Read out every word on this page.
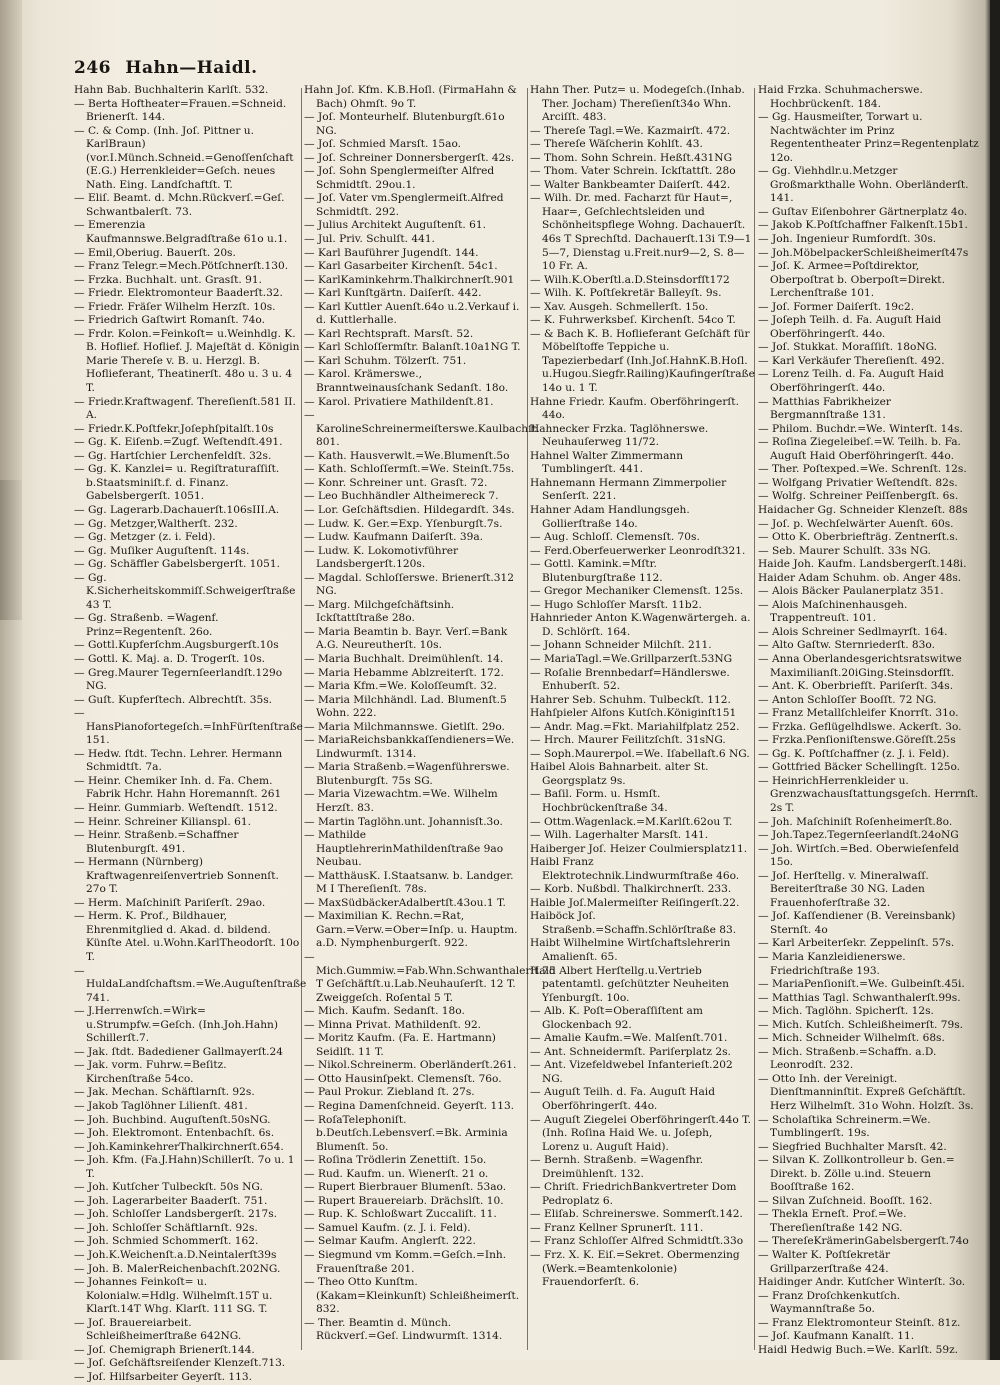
246 Hahn—Haidl.

Hahn Bab. Buchhalterin Karlſt. 532.

— Berta Hoftheater=Frauen.=Schneid. Brienerſt. 144.

— C. & Comp. (Inh. Joſ. Pittner u. KarlBraun) (vor.I.Münch.Schneid.=Genoſſenſchaft (E.G.) Herrenkleider=Geſch. neues Nath. Eing. Landſchaftſt. T.

— Eliſ. Beamt. d. Mchn.Rückverſ.=Geſ. Schwantbalerſt. 73.

— Emerenzia Kaufmannswe.Belgradſtraße 61o u.1.

— Emil,Oberiug. Bauerſt. 20s.

— Franz Telegr.=Mech.Pötſchnerſt.130.

— Frzka. Buchhalt. unt. Grasſt. 91.

— Friedr. Elektromonteur Baaderſt.32.

— Friedr. Fräſer Wilhelm Herzſt. 10s.

— Friedrich Gaſtwirt Romanſt. 74o.

— Frdr. Kolon.=Feinkoſt= u.Weinhdlg. K. B. Hoflief. Hoflief. J. Majeſtät d. Königin Marie Thereſe v. B. u. Herzgl. B. Hoflieferant, Theatinerſt. 48o u. 3 u. 4 T.

— Friedr.Kraftwagenf. Thereſienſt.581 II. A.

— Friedr.K.Poſtfekr.Joſephſpitalſt.10s

— Gg. K. Eiſenb.=Zugf. Weſtendſt.491.

— Gg. Hartſchier Lerchenfeldſt. 32s.

— Gg. K. Kanzlei= u. Regiſtraturaſſiſt. b.Staatsminiſt.f. d. Finanz. Gabelsbergerſt. 1051.

— Gg. Lagerarb.Dachauerſt.106sIII.A.

— Gg. Metzger,Waltherſt. 232.

— Gg. Metzger (z. i. Feld).

— Gg. Muſiker Auguſtenſt. 114s.

— Gg. Schäffler Gabelsbergerſt. 1051.

— Gg. K.Sicherheitskommiſſ.Schweigerſtraße 43 T.

— Gg. Straßenb. =Wagenf. Prinz=Regentenſt. 26o.

— Gottl.Kupferſchm.Augsburgerſt.10s

— Gottl. K. Maj. a. D. Trogerſt. 10s.

— Greg.Maurer Tegernſeerlandſt.129o NG.

— Guſt. Kupferſtech. Albrechtſt. 35s.

— HansPianofortegeſch.=InhFürſtenſtraße 151.

— Hedw. ſtdt. Techn. Lehrer. Hermann Schmidtſt. 7a.

— Heinr. Chemiker Inh. d. Fa. Chem. Fabrik Hchr. Hahn Horemannſt. 261

— Heinr. Gummiarb. Weſtendſt. 1512.

— Heinr. Schreiner Kilianspl. 61.

— Heinr. Straßenb.=Schaffner Blutenburgſt. 491.

— Hermann (Nürnberg) Kraftwagenreiſenvertrieb Sonnenſt. 27o T.

— Herm. Maſchiniſt Pariſerſt. 29ao.

— Herm. K. Prof., Bildhauer, Ehrenmitglied d. Akad. d. bildend. Künſte Atel. u.Wohn.KarlTheodorſt. 10o T.

— HuldaLandſchaftsm.=We.Auguſtenſtraße 741.

— J.Herrenwſch.=Wirk= u.Strumpfw.=Geſch. (Inh.Joh.Hahn) Schillerſt.7.

— Jak. ſtdt. Badediener Gallmayerſt.24

— Jak. vorm. Fuhrw.=Beſitz. Kirchenſtraße 54co.

— Jak. Mechan. Schäftlarnſt. 92s.

— Jakob Taglöhner Lilienſt. 481.

— Joh. Buchbind. Auguſtenſt.50sNG.

— Joh. Elektromont. Entenbachſt. 6s.

— Joh.KaminkehrerThalkirchnerſt.654.

— Joh. Kfm. (Fa.J.Hahn)Schillerſt. 7o u. 1 T.

— Joh. Kutſcher Tulbeckſt. 50s NG.

— Joh. Lagerarbeiter Baaderſt. 751.

— Joh. Schloſſer Landsbergerſt. 217s.

— Joh. Schloſſer Schäftlarnſt. 92s.

— Joh. Schmied Schommerſt. 162.

— Joh.K.Weichenſt.a.D.Neintalerſt39s

— Joh. B. MalerReichenbachſt.202NG.

— Johannes Feinkoſt= u. Kolonialw.=Hdlg. Wilhelmſt.15T u. Klarſt.14T Whg. Klarſt. 111 SG. T.

— Joſ. Brauereiarbeit. Schleißheimerſtraße 642NG.

— Joſ. Chemigraph Brienerſt.144.

— Joſ. Geſchäftsreiſender Klenzeſt.713.

— Joſ. Hilfsarbeiter Geyerſt. 113.

Hahn Joſ. Kfm. K.B.Hoſl. (FirmaHahn & Bach) Ohmſt. 9o T.

— Joſ. Monteurhelf. Blutenburgſt.61o NG.

— Joſ. Schmied Marsſt. 15ao.

— Joſ. Schreiner Donnersbergerſt. 42s.

— Joſ. Sohn Spenglermeiſter Alfred Schmidtſt. 29ou.1.

— Joſ. Vater vm.Spenglermeiſt.Alfred Schmidtſt. 292.

— Julius Architekt Auguſtenſt. 61.

— Jul. Priv. Schulſt. 441.

— Karl Bauführer Jugendſt. 144.

— Karl Gasarbeiter Kirchenſt. 54c1.

— KarlKaminkehrm.Thalkirchnerſt.901

— Karl Kunſtgärtn. Daiſerſt. 442.

— Karl Kuttler Auenſt.64o u.2.Verkauf i. d. Kuttlerhalle.

— Karl Rechtspraft. Marsſt. 52.

— Karl Schloſſermſtr. Balanſt.10a1NG T.

— Karl Schuhm. Tölzerſt. 751.

— Karol. Krämerswe., Branntweinausſchank Sedanſt. 18o.

— Karol. Privatiere Mathildenſt.81.

— KarolineSchreinermeiſterswe.Kaulbachſt. 801.

— Kath. Hausverwlt.=We.Blumenſt.5o

— Kath. Schloſſermſt.=We. Steinſt.75s.

— Konr. Schreiner unt. Grasſt. 72.

— Leo Buchhändler Altheimereck 7.

— Lor. Geſchäftsdien. Hildegardſt. 34s.

— Ludw. K. Ger.=Exp. Yſenburgſt.7s.

— Ludw. Kaufmann Daiſerſt. 39a.

— Ludw. K. Lokomotivführer Landsbergerſt.120s.

— Magdal. Schloſſerswe. Brienerſt.312 NG.

— Marg. Milchgeſchäftsinh. Ickſtattſtraße 28o.

— Maria Beamtin b. Bayr. Verſ.=Bank A.G. Neureutherſt. 10s.

— Maria Buchhalt. Dreimühlenſt. 14.

— Maria Hebamme Ablzreiterſt. 172.

— Maria Kfm.=We. Koloſſeumſt. 32.

— Maria Milchhändl. Lad. Blumenſt.5 Wohn. 222.

— Maria Milchmannswe. Gietlſt. 29o.

— MariaReichsbankkaſſendieners=We. Lindwurmſt. 1314.

— Maria Straßenb.=Wagenführerswe. Blutenburgſt. 75s SG.

— Maria Vizewachtm.=We. Wilhelm Herzſt. 83.

— Martin Taglöhn.unt. Johannisſt.3o.

— Mathilde HauptlehrerinMathildenſtraße 9ao Neubau.

— MatthäusK. I.Staatsanw. b. Landger. M I Thereſienſt. 78s.

— MaxSüdbäckerAdalbertſt.43ou.1 T.

— Maximilian K. Rechn.=Rat, Garn.=Verw.=Ober=Inſp. u. Hauptm. a.D. Nymphenburgerſt. 922.

— Mich.Gummiw.=Fab.Whn.Schwanthalerſt.75 T Geſchäftſt.u.Lab.Neuhauſerſt. 12 T. Zweiggeſch. Roſental 5 T.

— Mich. Kaufm. Sedanſt. 18o.

— Minna Privat. Mathildenſt. 92.

— Moritz Kaufm. (Fa. E. Hartmann) Seidlſt. 11 T.

— Nikol.Schreinerm. Oberländerſt.261.

— Otto Hausinſpekt. Clemensſt. 76o.

— Paul Prokur. Ziebland ſt. 27s.

— Regina Damenſchneid. Geyerſt. 113.

— RoſaTelephoniſt. b.Deutſch.Lebensverſ.=Bk. Arminia Blumenſt. 5o.

— Roſina Trödlerin Zenettiſt. 15o.

— Rud. Kaufm. un. Wienerſt. 21 o.

— Rupert Bierbrauer Blumenſt. 53ao.

— Rupert Brauereiarb. Drächslſt. 10.

— Rup. K. Schloßwart Zuccaliſt. 11.

— Samuel Kaufm. (z. J. i. Feld).

— Selmar Kaufm. Anglerſt. 222.

— Siegmund vm Komm.=Geſch.=Inh. Frauenſtraße 201.

— Theo Otto Kunſtm. (Kakam=Kleinkunſt) Schleißheimerſt. 832.

— Ther. Beamtin d. Münch. Rückverſ.=Geſ. Lindwurmſt. 1314.

Hahn Ther. Putz= u. Modegeſch.(Inhab. Ther. Jocham) Thereſienſt34o Whn. Arciſſt. 483.

— Thereſe Tagl.=We. Kazmairſt. 472.

— Thereſe Wäſcherin Kohlſt. 43.

— Thom. Sohn Schrein. Heßſt.431NG

— Thom. Vater Schrein. Ickſtattſt. 28o

— Walter Bankbeamter Daiſerſt. 442.

— Wilh. Dr. med. Facharzt für Haut=, Haar=, Geſchlechtsleiden und Schönheitspflege Wohng. Dachauerſt. 46s T Sprechſtd. Dachauerſt.13i T.9—1 5—7, Dienstag u.Freit.nur9—2, S. 8—10 Fr. A.

— Wilh.K.Oberſtl.a.D.Steinsdorfſt172

— Wilh. K. Poſtſekretär Balleyſt. 9s.

— Xav. Ausgeh. Schmellerſt. 15o.

— K. Fuhrwerksbeſ. Kirchenſt. 54co T.

— & Bach K. B. Hoflieferant Geſchäft für Möbelſtoffe Teppiche u. Tapezierbedarf (Inh.Joſ.HahnK.B.Hoſl. u.Hugou.Siegfr.Railing)Kaufingerſtraße 14o u. 1 T.

Hahne Friedr. Kaufm. Oberföhringerſt. 44o.

Hahnecker Frzka. Taglöhnerswe. Neuhauſerweg 11/72.

Hahnel Walter Zimmermann Tumblingerſt. 441.

Hahnemann Hermann Zimmerpolier Senſerſt. 221.

Hahner Adam Handlungsgeh. Gollierſtraße 14o.

— Aug. Schloſſ. Clemensſt. 70s.

— Ferd.Oberfeuerwerker Leonrodſt321.

— Gottl. Kamink.=Mſtr. Blutenburgſtraße 112.

— Gregor Mechaniker Clemensſt. 125s.

— Hugo Schloſſer Marsſt. 11b2.

Hahnrieder Anton K.Wagenwärtergeh. a. D. Schlörſt. 164.

— Johann Schneider Milchſt. 211.

— MariaTagl.=We.Grillparzerſt.53NG

— Roſalie Brennbedarf=Händlerswe. Enhuberſt. 52.

Hahrer Seb. Schuhm. Tulbeckſt. 112.

Hahſpieler Alfons Kutſch.Königinſt151

— Andr. Mag.=Fkt. Mariahilfplatz 252.

— Hrch. Maurer Feilitzſchſt. 31sNG.

— Soph.Maurerpol.=We. Iſabellaſt.6 NG.

Haibel Alois Bahnarbeit. alter St. Georgsplatz 9s.

— Baſil. Form. u. Hsmſt. Hochbrückenſtraße 34.

— Ottm.Wagenlack.=M.Karlſt.62ou T.

— Wilh. Lagerhalter Marsſt. 141.

Haiberger Joſ. Heizer Coulmiersplatz11.

Haibl Franz Elektrotechnik.Lindwurmſtraße 46o.

— Korb. Nußbdl. Thalkirchnerſt. 233.

Haible Joſ.Malermeiſter Reiſingerſt.22.

Haiböck Joſ. Straßenb.=Schaffn.Schlörſtraße 83.

Haibt Wilhelmine Wirtſchaftslehrerin Amalienſt. 65.

Haid Albert Herſtellg.u.Vertrieb patentamtl. geſchützter Neuheiten Yſenburgſt. 10o.

— Alb. K. Poſt=Oberaſſiſtent am Glockenbach 92.

— Amalie Kaufm.=We. Malſenſt.701.

— Ant. Schneidermſt. Pariſerplatz 2s.

— Ant. Vizefeldwebel Infanterieſt.202 NG.

— Auguſt Teilh. d. Fa. Auguſt Haid Oberföhringerſt. 44o.

— Auguſt Ziegelei Oberföhringerſt.44o T. (Inh. Roſina Haid We. u. Joſeph, Lorenz u. Auguſt Haid).

— Bernh. Straßenb. =Wagenfhr. Dreimühlenſt. 132.

— Chriſt. FriedrichBankvertreter Dom Pedroplatz 6.

— Eliſab. Schreinerswe. Sommerſt.142.

— Franz Kellner Sprunerſt. 111.

— Franz Schloſſer Alfred Schmidtſt.33o

— Frz. X. K. Eiſ.=Sekret. Obermenzing (Werk.=Beamtenkolonie) Frauendorferſt. 6.

Haid Frzka. Schuhmacherswe. Hochbrückenſt. 184.

— Gg. Hausmeiſter, Torwart u. Nachtwächter im Prinz Regententheater Prinz=Regentenplatz 12o.

— Gg. Viehhdlr.u.Metzger Großmarkthalle Wohn. Oberländerſt. 141.

— Guſtav Eiſenbohrer Gärtnerplatz 4o.

— Jakob K.Poſtſchaffner Falkenſt.15b1.

— Joh. Ingenieur Rumfordſt. 30s.

— Joh.MöbelpackerSchleißheimerſt47s

— Joſ. K. Armee=Poſtdirektor, Oberpoſtrat b. Oberpoſt=Direkt. Lerchenſtraße 101.

— Joſ. Former Daiſerſt. 19c2.

— Joſeph Teilh. d. Fa. Auguſt Haid Oberföhringerſt. 44o.

— Joſ. Stukkat. Moraſſiſt. 18oNG.

— Karl Verkäufer Thereſienſt. 492.

— Lorenz Teilh. d. Fa. Auguſt Haid Oberföhringerſt. 44o.

— Matthias Fabrikheizer Bergmannſtraße 131.

— Philom. Buchdr.=We. Winterſt. 14s.

— Roſina Ziegeleibeſ.=W. Teilh. b. Fa. Auguſt Haid Oberföhringerſt. 44o.

— Ther. Poſtexped.=We. Schrenſt. 12s.

— Wolfgang Privatier Weſtendſt. 82s.

— Wolfg. Schreiner Peiſſenbergſt. 6s.

Haidacher Gg. Schneider Klenzeſt. 88s

— Joſ. p. Wechſelwärter Auenſt. 60s.

— Otto K. Oberbriefträg. Zentnerſt.s.

— Seb. Maurer Schulſt. 33s NG.

Haide Joh. Kaufm. Landsbergerſt.148i.

Haider Adam Schuhm. ob. Anger 48s.

— Alois Bäcker Paulanerplatz 351.

— Alois Maſchinenhausgeh. Trappentreuſt. 101.

— Alois Schreiner Sedlmayrſt. 164.

— Alto Gaſtw. Sternriederſt. 83o.

— Anna Oberlandesgerichtsratswitwe Maximilianſt.20iGing.Steinsdorfſt.

— Ant. K. Oberbriefſt. Pariſerſt. 34s.

— Anton Schloſſer Booſſt. 72 NG.

— Franz Metallſchleifer Knorrſt. 31o.

— Frzka. Geflügelhdlswe. Ackerſt. 3o.

— Frzka.Penſioniſtenswe.Göreſſt.25s

— Gg. K. Poſtſchaffner (z. J. i. Feld).

— Gottfried Bäcker Schellingſt. 125o.

— HeinrichHerrenkleider u. Grenzwachausſtattungsgeſch. Herrnſt. 2s T.

— Joh. Maſchiniſt Roſenheimerſt.8o.

— Joh.Tapez.Tegernſeerlandſt.24oNG

— Joh. Wirtſch.=Bed. Oberwieſenfeld 15o.

— Joſ. Herſtellg. v. Mineralwaſſ. Bereiterſtraße 30 NG. Laden Frauenhoferſtraße 32.

— Joſ. Kaſſendiener (B. Vereinsbank) Sternſt. 4o

— Karl Arbeiterſekr. Zeppelinſt. 57s.

— Maria Kanzleidienerswe. Friedrichſtraße 193.

— MariaPenſioniſt.=We. Gulbeinſt.45i.

— Matthias Tagl. Schwanthalerſt.99s.

— Mich. Taglöhn. Spicherſt. 12s.

— Mich. Kutſch. Schleißheimerſt. 79s.

— Mich. Schneider Wilhelmſt. 68s.

— Mich. Straßenb.=Schaffn. a.D. Leonrodſt. 232.

— Otto Inh. der Vereinigt. Dienſtmanninſtit. Expreß Geſchäftſt. Herz Wilhelmſt. 31o Wohn. Holzſt. 3s.

— Scholaſtika Schreinerm.=We. Tumblingerſt. 19s.

— Siegfried Buchhalter Marsſt. 42.

— Silvan K. Zollkontrolleur b. Gen.= Direkt. b. Zölle u.ind. Steuern Booſſtraße 162.

— Silvan Zuſchneid. Booſſt. 162.

— Thekla Erneſt. Prof.=We. Thereſienſtraße 142 NG.

— ThereſeKrämerinGabelsbergerſt.74o

— Walter K. Poſtſekretär Grillparzerſtraße 424.

Haidinger Andr. Kutſcher Winterſt. 3o.

— Franz Droſchkenkutſch. Waymannſtraße 5o.

— Franz Elektromonteur Steinſt. 81z.

— Joſ. Kaufmann Kanalſt. 11.

Haidl Hedwig Buch.=We. Karlſt. 59z.
